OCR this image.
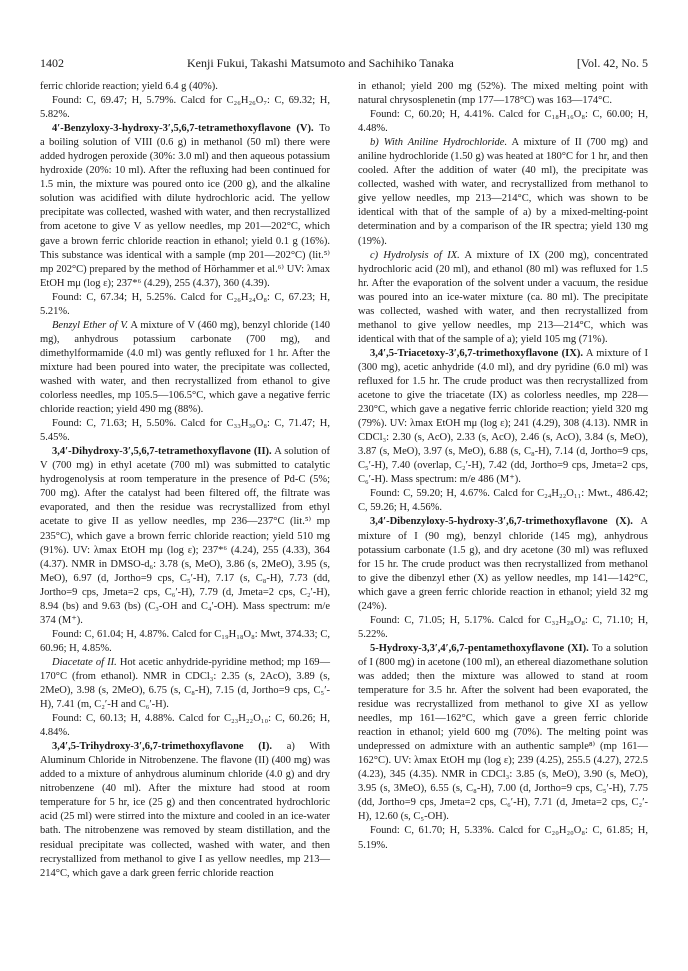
1402	Kenji Fukui, Takashi Matsumoto and Sachihiko Tanaka	[Vol. 42, No. 5

ferric chloride reaction; yield 6.4 g (40%).

Found: C, 69.47; H, 5.79%. Calcd for C₂₆H₂₆O₇: C, 69.32; H, 5.82%.

4′-Benzyloxy-3-hydroxy-3′,5,6,7-tetramethoxyflavone (V). To a boiling solution of VIII (0.6 g) in methanol (50 ml) there were added hydrogen peroxide (30%: 3.0 ml) and then aqueous potassium hydroxide (20%: 10 ml). After the refluxing had been continued for 1.5 min, the mixture was poured onto ice (200 g), and the alkaline solution was acidified with dilute hydrochloric acid. The yellow precipitate was collected, washed with water, and then recrystallized from acetone to give V as yellow needles, mp 201—202°C, which gave a brown ferric chloride reaction in ethanol; yield 0.1 g (16%). This substance was identical with a sample (mp 201—202°C) (lit.⁵⁾ mp 202°C) prepared by the method of Hörhammer et al.⁶⁾ UV: λmax EtOH mμ (log ε); 237*⁶ (4.29), 255 (4.37), 360 (4.39).

Found: C, 67.34; H, 5.25%. Calcd for C₂₆H₂₄O₈: C, 67.23; H, 5.21%.

Benzyl Ether of V. A mixture of V (460 mg), benzyl chloride (140 mg), anhydrous potassium carbonate (700 mg), and dimethylformamide (4.0 ml) was gently refluxed for 1 hr. After the mixture had been poured into water, the precipitate was collected, washed with water, and then recrystallized from ethanol to give colorless needles, mp 105.5—106.5°C, which gave a negative ferric chloride reaction; yield 490 mg (88%).

Found: C, 71.63; H, 5.50%. Calcd for C₃₃H₃₀O₈: C, 71.47; H, 5.45%.

3,4′-Dihydroxy-3′,5,6,7-tetramethoxyflavone (II). A solution of V (700 mg) in ethyl acetate (700 ml) was submitted to catalytic hydrogenolysis at room temperature in the presence of Pd-C (5%; 700 mg). After the catalyst had been filtered off, the filtrate was evaporated, and then the residue was recrystallized from ethyl acetate to give II as yellow needles, mp 236—237°C (lit.⁵⁾ mp 235°C), which gave a brown ferric chloride reaction; yield 510 mg (91%). UV: λmax EtOH mμ (log ε); 237*⁶ (4.24), 255 (4.33), 364 (4.37). NMR in DMSO-d₆: 3.78 (s, MeO), 3.86 (s, 2MeO), 3.95 (s, MeO), 6.97 (d, Jortho=9 cps, C₅′-H), 7.17 (s, C₈-H), 7.73 (dd, Jortho=9 cps, Jmeta=2 cps, C₆′-H), 7.79 (d, Jmeta=2 cps, C₂′-H), 8.94 (bs) and 9.63 (bs) (C₃-OH and C₄′-OH). Mass spectrum: m/e 374 (M⁺).

Found: C, 61.04; H, 4.87%. Calcd for C₁₉H₁₈O₈: Mwt, 374.33; C, 60.96; H, 4.85%.

Diacetate of II. Hot acetic anhydride-pyridine method; mp 169—170°C (from ethanol). NMR in CDCl₃: 2.35 (s, 2AcO), 3.89 (s, 2MeO), 3.98 (s, 2MeO), 6.75 (s, C₈-H), 7.15 (d, Jortho=9 cps, C₅′-H), 7.41 (m, C₂′-H and C₆′-H).

Found: C, 60.13; H, 4.88%. Calcd for C₂₃H₂₂O₁₀: C, 60.26; H, 4.84%.

3,4′,5-Trihydroxy-3′,6,7-trimethoxyflavone (I). a) With Aluminum Chloride in Nitrobenzene. The flavone (II) (400 mg) was added to a mixture of anhydrous aluminum chloride (4.0 g) and dry nitrobenzene (40 ml). After the mixture had stood at room temperature for 5 hr, ice (25 g) and then concentrated hydrochloric acid (25 ml) were stirred into the mixture and cooled in an ice-water bath. The nitrobenzene was removed by steam distillation, and the residual precipitate was collected, washed with water, and then recrystallized from methanol to give I as yellow needles, mp 213—214°C, which gave a dark green ferric chloride reaction

in ethanol; yield 200 mg (52%). The mixed melting point with natural chrysosplenetin (mp 177—178°C) was 163—174°C.

Found: C, 60.20; H, 4.41%. Calcd for C₁₈H₁₆O₈: C, 60.00; H, 4.48%.

b) With Aniline Hydrochloride. A mixture of II (700 mg) and aniline hydrochloride (1.50 g) was heated at 180°C for 1 hr, and then cooled. After the addition of water (40 ml), the precipitate was collected, washed with water, and recrystallized from methanol to give yellow needles, mp 213—214°C, which was shown to be identical with that of the sample of a) by a mixed-melting-point determination and by a comparison of the IR spectra; yield 130 mg (19%).

c) Hydrolysis of IX. A mixture of IX (200 mg), concentrated hydrochloric acid (20 ml), and ethanol (80 ml) was refluxed for 1.5 hr. After the evaporation of the solvent under a vacuum, the residue was poured into an ice-water mixture (ca. 80 ml). The precipitate was collected, washed with water, and then recrystallized from methanol to give yellow needles, mp 213—214°C, which was identical with that of the sample of a); yield 105 mg (71%).

3,4′,5-Triacetoxy-3′,6,7-trimethoxyflavone (IX). A mixture of I (300 mg), acetic anhydride (4.0 ml), and dry pyridine (6.0 ml) was refluxed for 1.5 hr. The crude product was then recrystallized from acetone to give the triacetate (IX) as colorless needles, mp 228—230°C, which gave a negative ferric chloride reaction; yield 320 mg (79%). UV: λmax EtOH mμ (log ε); 241 (4.29), 308 (4.13). NMR in CDCl₃: 2.30 (s, AcO), 2.33 (s, AcO), 2.46 (s, AcO), 3.84 (s, MeO), 3.87 (s, MeO), 3.97 (s, MeO), 6.88 (s, C₈-H), 7.14 (d, Jortho=9 cps, C₅′-H), 7.40 (overlap, C₂′-H), 7.42 (dd, Jortho=9 cps, Jmeta=2 cps, C₆′-H). Mass spectrum: m/e 486 (M⁺).

Found: C, 59.20; H, 4.67%. Calcd for C₂₄H₂₂O₁₁: Mwt., 486.42; C, 59.26; H, 4.56%.

3,4′-Dibenzyloxy-5-hydroxy-3′,6,7-trimethoxyflavone (X). A mixture of I (90 mg), benzyl chloride (145 mg), anhydrous potassium carbonate (1.5 g), and dry acetone (30 ml) was refluxed for 15 hr. The crude product was then recrystallized from methanol to give the dibenzyl ether (X) as yellow needles, mp 141—142°C, which gave a green ferric chloride reaction in ethanol; yield 32 mg (24%).

Found: C, 71.05; H, 5.17%. Calcd for C₃₂H₂₈O₈: C, 71.10; H, 5.22%.

5-Hydroxy-3,3′,4′,6,7-pentamethoxyflavone (XI). To a solution of I (800 mg) in acetone (100 ml), an ethereal diazomethane solution was added; then the mixture was allowed to stand at room temperature for 3.5 hr. After the solvent had been evaporated, the residue was recrystallized from methanol to give XI as yellow needles, mp 161—162°C, which gave a green ferric chloride reaction in ethanol; yield 600 mg (70%). The melting point was undepressed on admixture with an authentic sample⁸⁾ (mp 161—162°C). UV: λmax EtOH mμ (log ε); 239 (4.25), 255.5 (4.27), 272.5 (4.23), 345 (4.35). NMR in CDCl₃: 3.85 (s, MeO), 3.90 (s, MeO), 3.95 (s, 3MeO), 6.55 (s, C₈-H), 7.00 (d, Jortho=9 cps, C₅′-H), 7.75 (dd, Jortho=9 cps, Jmeta=2 cps, C₆′-H), 7.71 (d, Jmeta=2 cps, C₂′-H), 12.60 (s, C₅-OH).

Found: C, 61.70; H, 5.33%. Calcd for C₂₀H₂₀O₈: C, 61.85; H, 5.19%.
